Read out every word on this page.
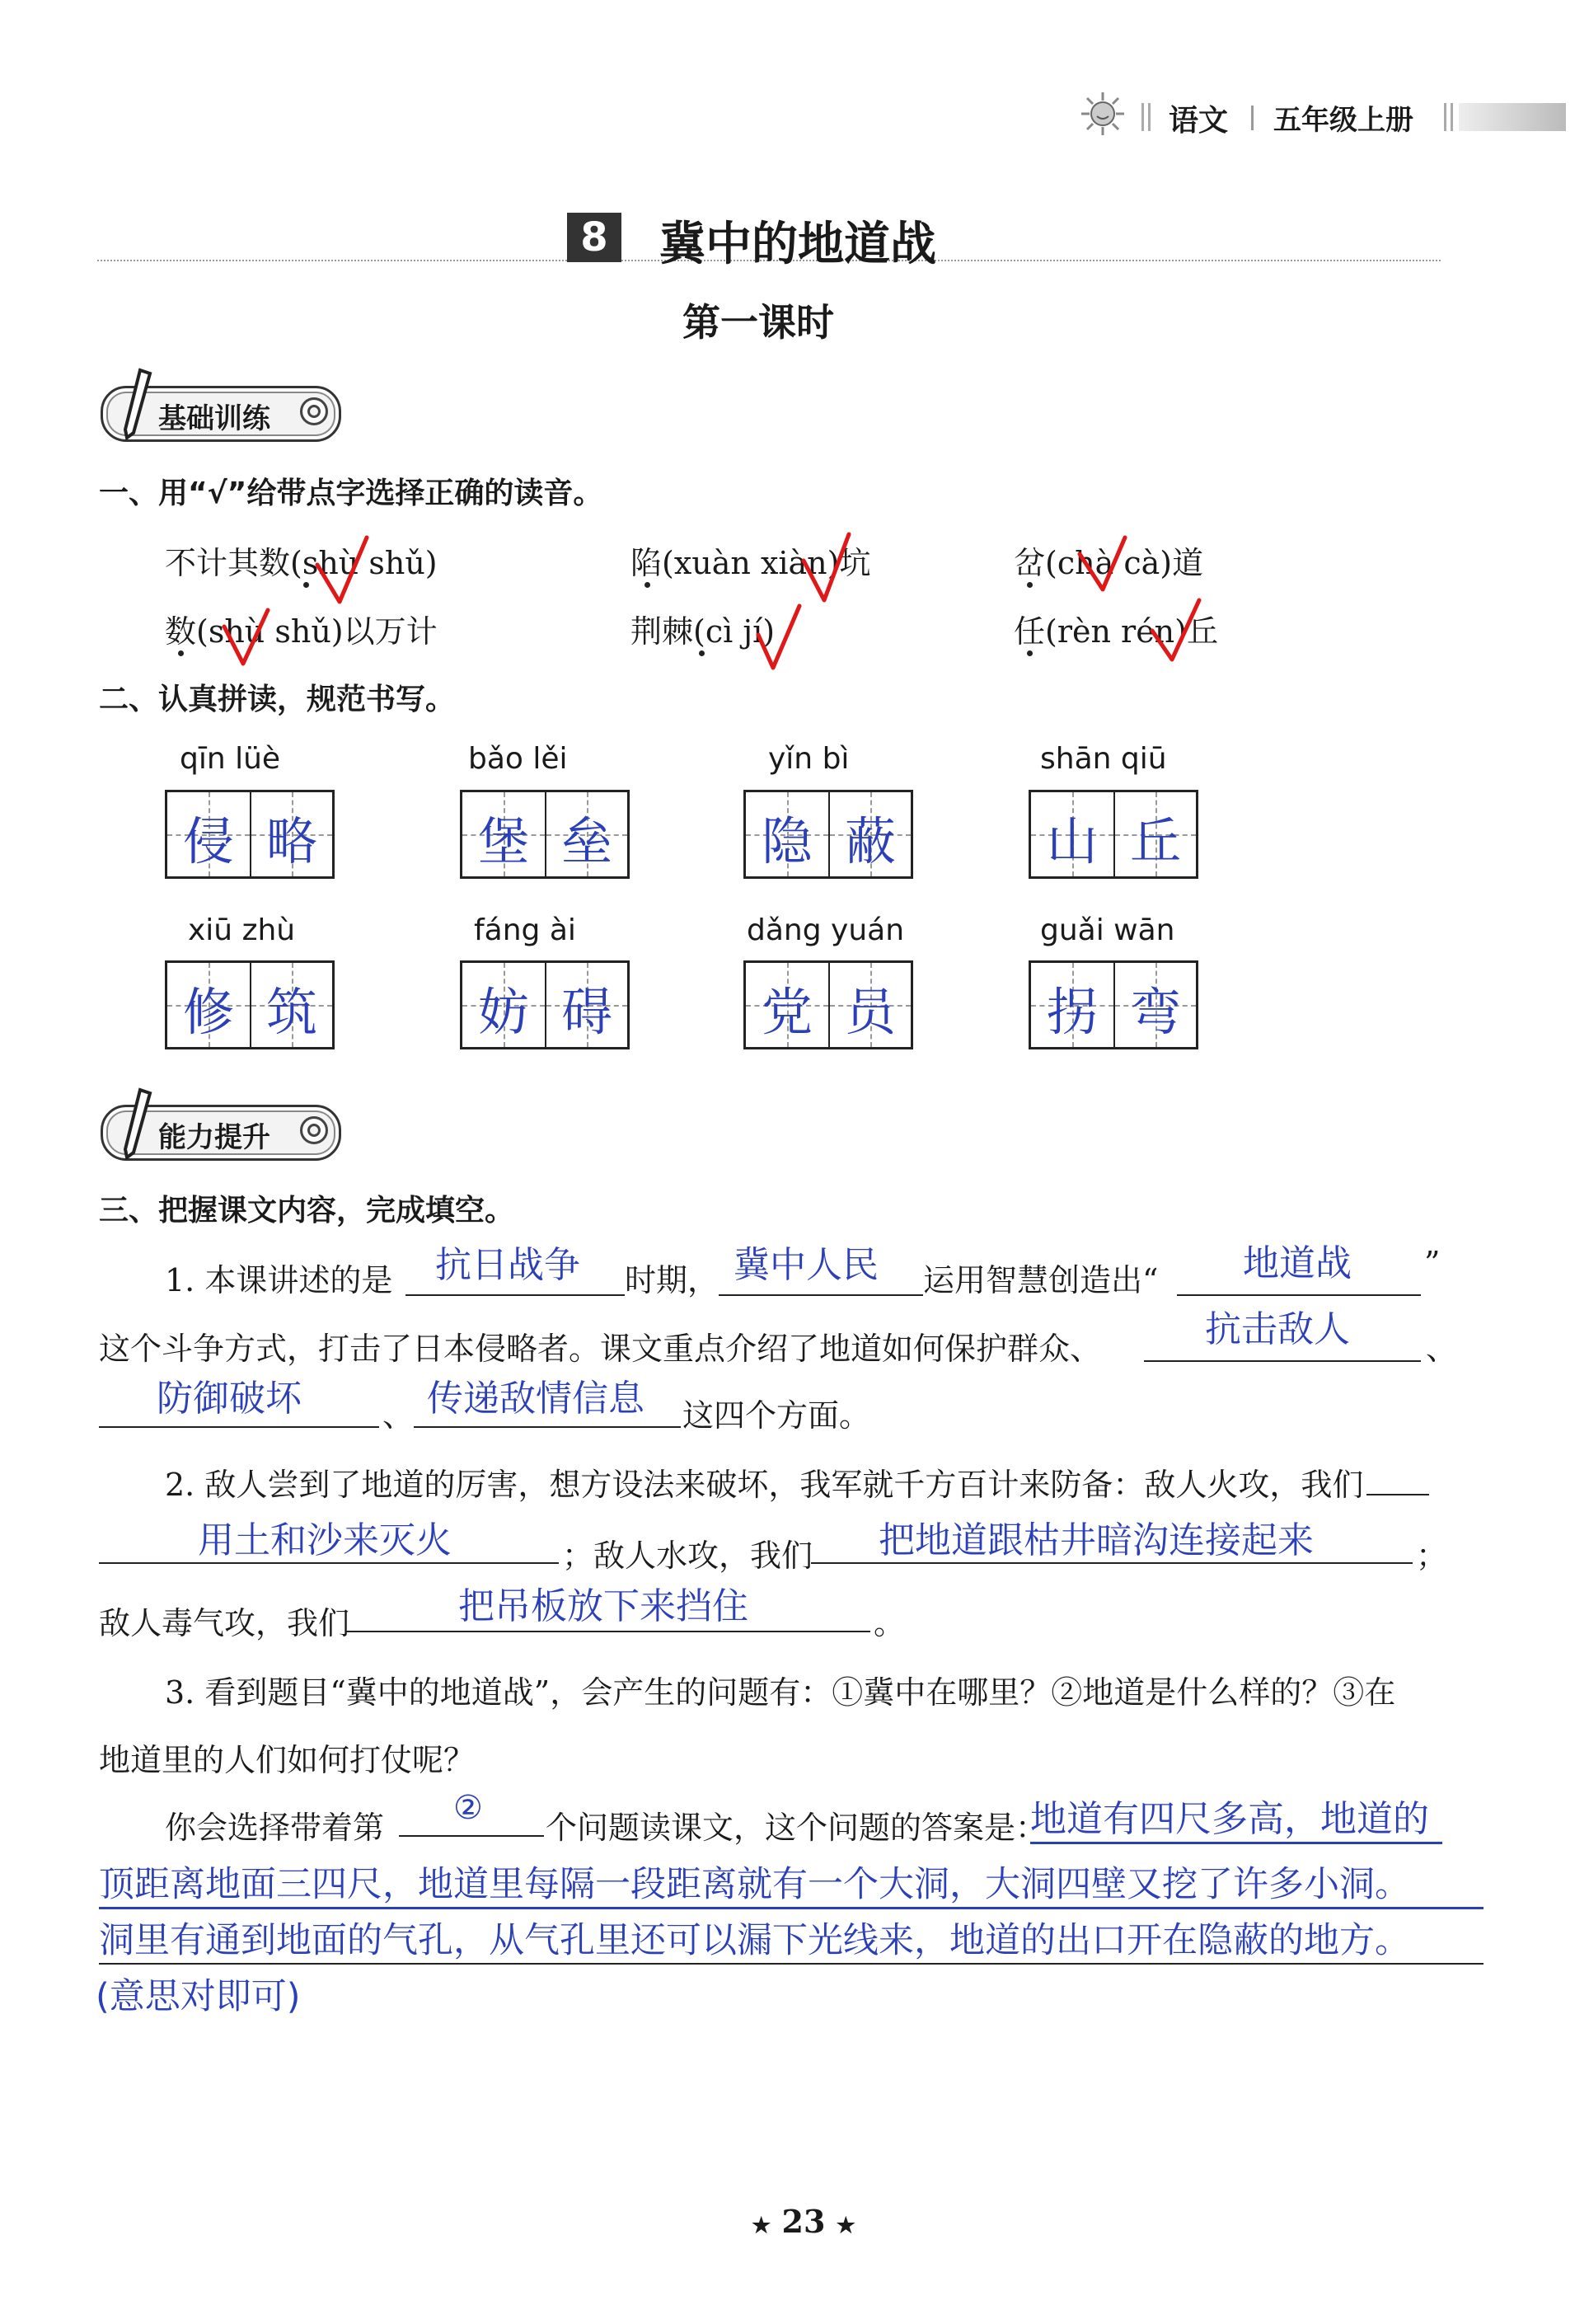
语文 五年级上册
8 冀中的地道战
第一课时
基础训练
一、用“√”给带点字选择正确的读音。
不计其数(shù shǔ)	陷(xuàn xiàn)坑	岔(chà cà)道
数(shù shǔ)以万计	荆棘(cì jí)	任(rèn rén)丘
二、认真拼读，规范书写。
qīn lüè
侵 略
bǎo lěi
堡 垒
yǐn bì
隐 蔽
shān qiū
山 丘
xiū zhù
修 筑
fáng ài
妨 碍
dǎng yuán
党 员
guǎi wān
拐 弯
能力提升
三、把握课文内容，完成填空。
1. 本课讲述的是 抗日战争 时期， 冀中人民 运用智慧创造出“ 地道战 ”
这个斗争方式，打击了日本侵略者。课文重点介绍了地道如何保护群众、	抗击敌人 、
防御破坏	、 传递敌情信息 这四个方面。
2. 敌人尝到了地道的厉害，想方设法来破坏，我军就千方百计来防备：敌人火攻，我们
用土和沙来灭火	；敌人水攻，我们 把地道跟枯井暗沟连接起来	；
敌人毒气攻，我们	把吊板放下来挡住	。
3. 看到题目“冀中的地道战”，会产生的问题有：①冀中在哪里？②地道是什么样的？③在
地道里的人们如何打仗呢？
你会选择带着第
②
个问题读课文，这个问题的答案是：
地道有四尺多高，地道的
顶距离地面三四尺，地道里每隔一段距离就有一个大洞，大洞四壁又挖了许多小洞。
洞里有通到地面的气孔，从气孔里还可以漏下光线来，地道的出口开在隐蔽的地方。
(意思对即可)
★ 23 ★
